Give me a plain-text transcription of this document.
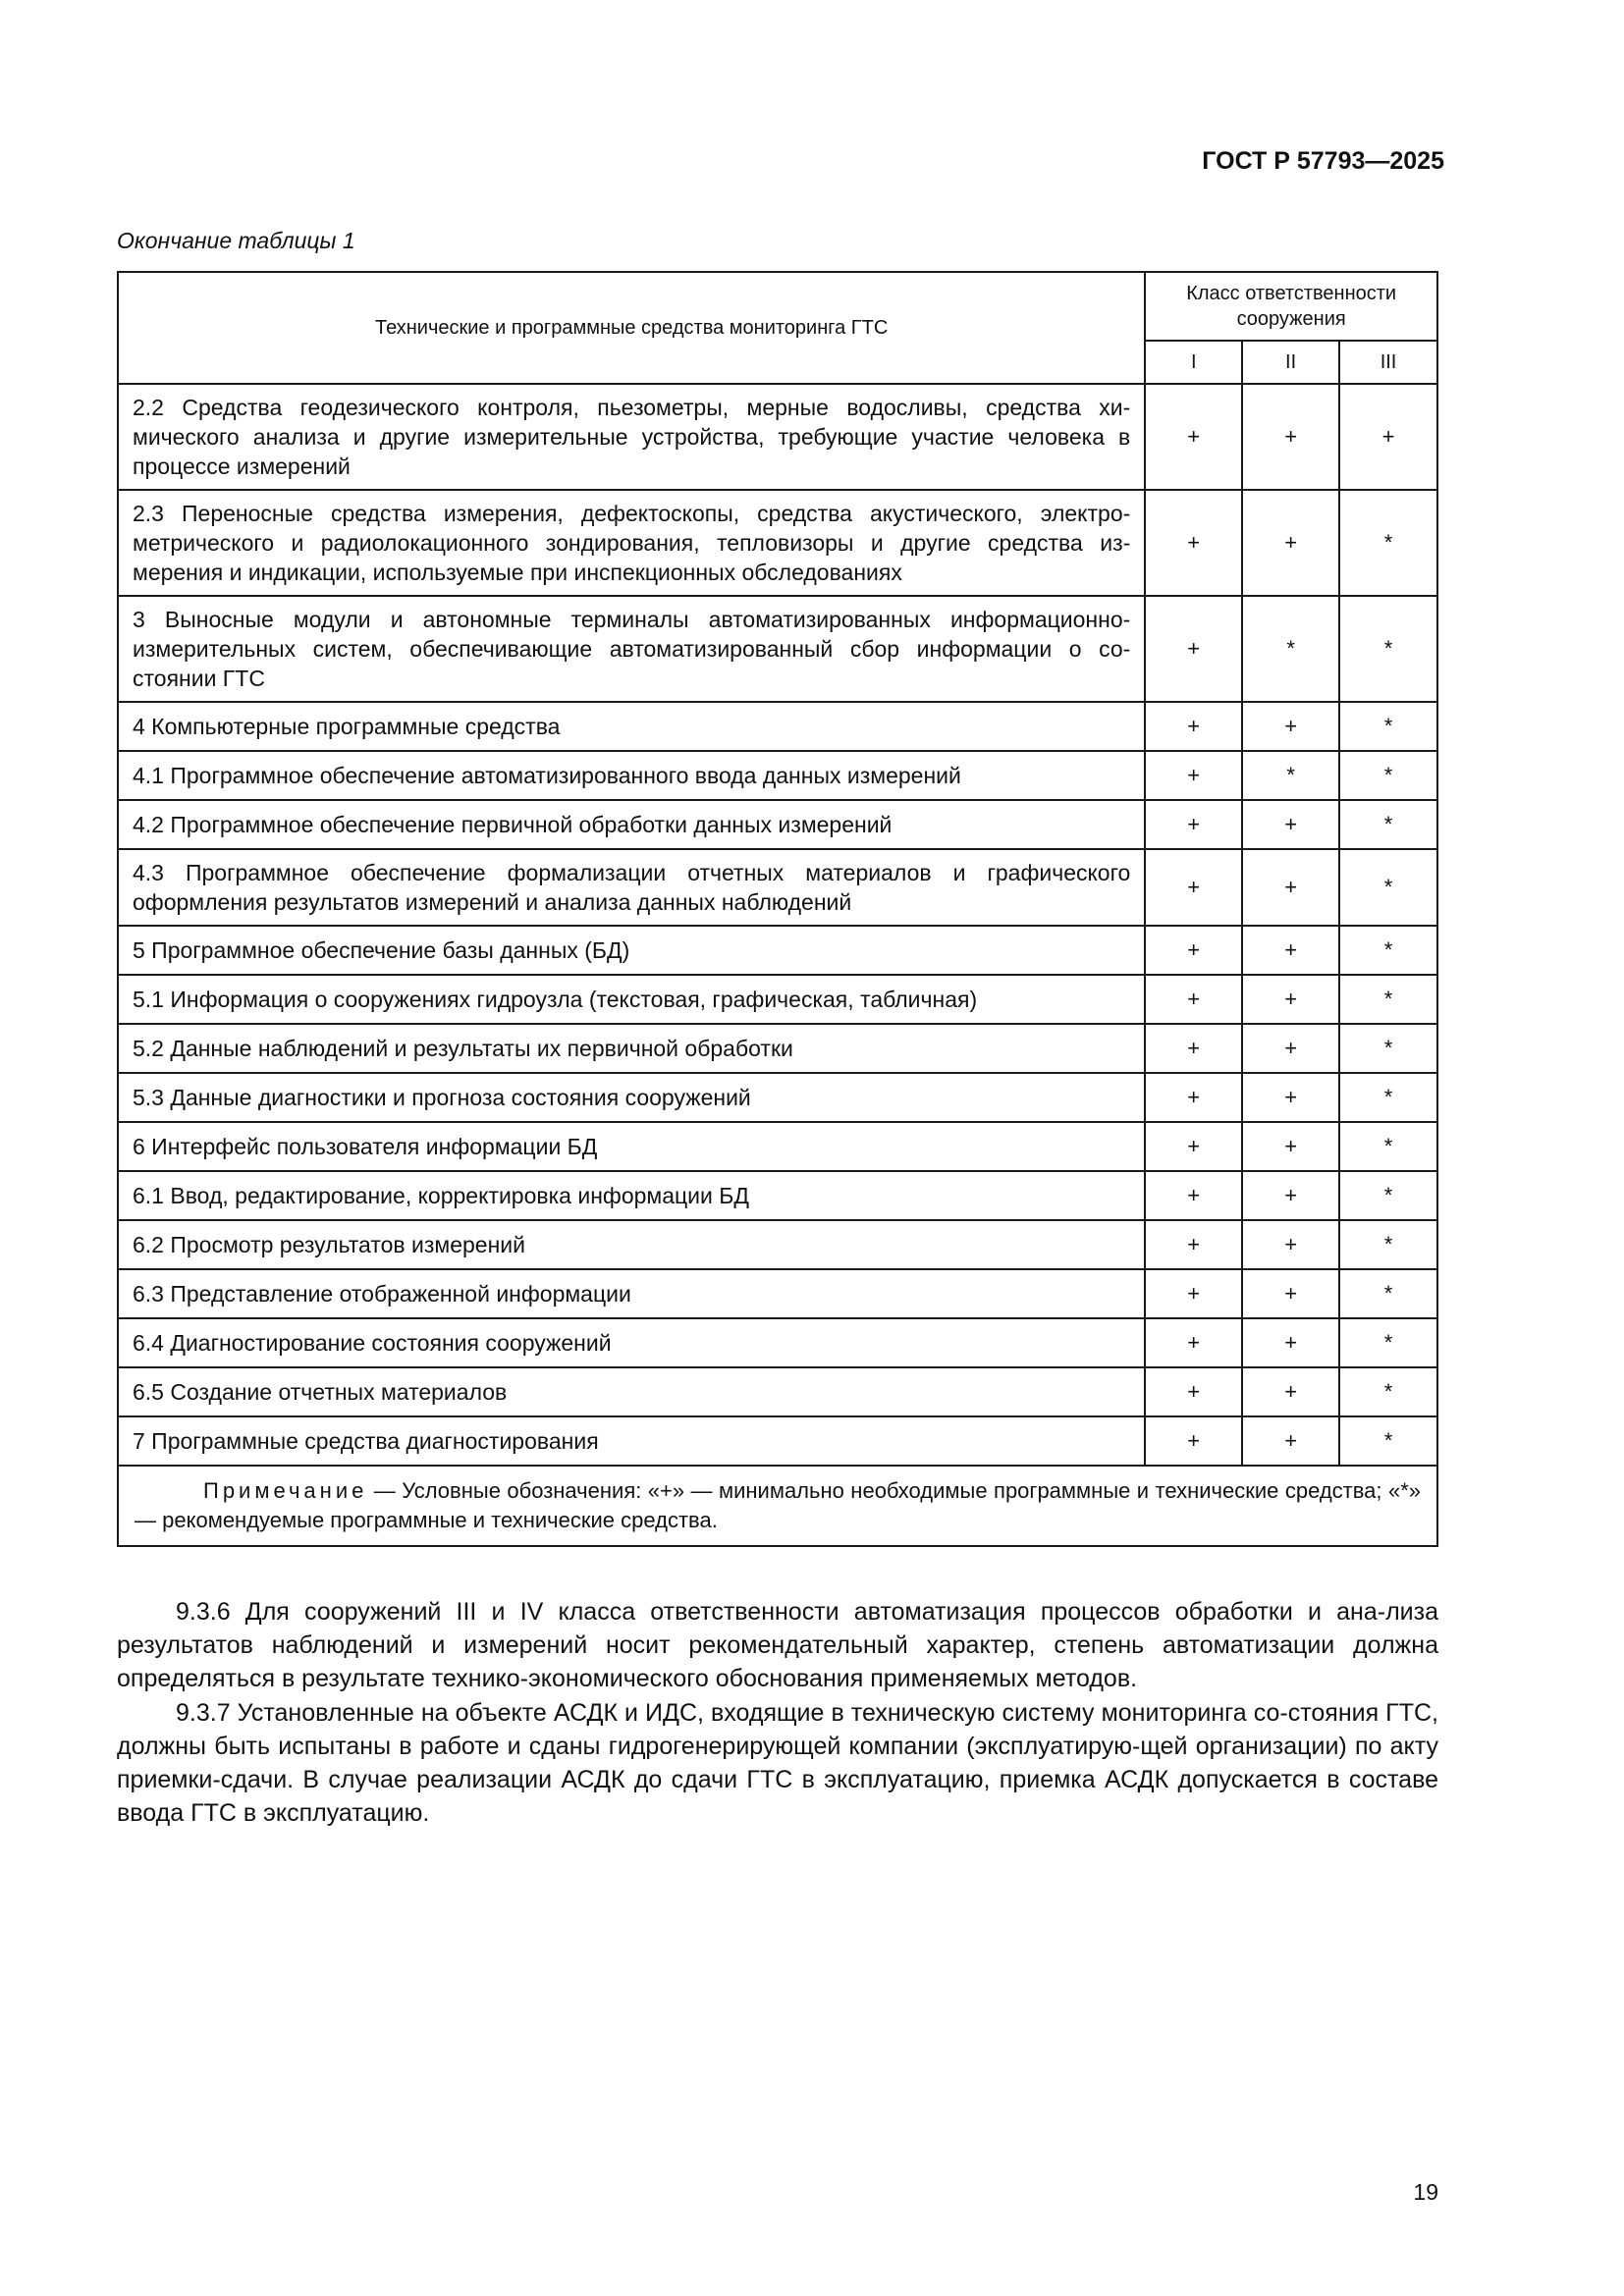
ГОСТ Р 57793—2025
Окончание таблицы 1
Технические и программные средства мониторинга ГТС	Класс ответственности сооружения		
	I	II	III
2.2 Средства геодезического контроля, пьезометры, мерные водосливы, средства хи-мического анализа и другие измерительные устройства, требующие участие человека в процессе измерений	+	+	+
2.3 Переносные средства измерения, дефектоскопы, средства акустического, электро-метрического и радиолокационного зондирования, тепловизоры и другие средства из-мерения и индикации, используемые при инспекционных обследованиях	+	+	*
3 Выносные модули и автономные терминалы автоматизированных информационно-измерительных систем, обеспечивающие автоматизированный сбор информации о со-стоянии ГТС	+	*	*
4 Компьютерные программные средства	+	+	*
4.1 Программное обеспечение автоматизированного ввода данных измерений	+	*	*
4.2 Программное обеспечение первичной обработки данных измерений	+	+	*
4.3 Программное обеспечение формализации отчетных материалов и графического оформления результатов измерений и анализа данных наблюдений	+	+	*
5 Программное обеспечение базы данных (БД)	+	+	*
5.1 Информация о сооружениях гидроузла (текстовая, графическая, табличная)	+	+	*
5.2 Данные наблюдений и результаты их первичной обработки	+	+	*
5.3 Данные диагностики и прогноза состояния сооружений	+	+	*
6 Интерфейс пользователя информации БД	+	+	*
6.1 Ввод, редактирование, корректировка информации БД	+	+	*
6.2 Просмотр результатов измерений	+	+	*
6.3 Представление отображенной информации	+	+	*
6.4 Диагностирование состояния сооружений	+	+	*
6.5 Создание отчетных материалов	+	+	*
7 Программные средства диагностирования	+	+	*
Примечание — Условные обозначения: «+» — минимально необходимые программные и технические средства; «*» — рекомендуемые программные и технические средства.			

9.3.6 Для сооружений III и IV класса ответственности автоматизация процессов обработки и ана-лиза результатов наблюдений и измерений носит рекомендательный характер, степень автоматизации должна определяться в результате технико-экономического обоснования применяемых методов.

9.3.7 Установленные на объекте АСДК и ИДС, входящие в техническую систему мониторинга со-стояния ГТС, должны быть испытаны в работе и сданы гидрогенерирующей компании (эксплуатирую-щей организации) по акту приемки-сдачи. В случае реализации АСДК до сдачи ГТС в эксплуатацию, приемка АСДК допускается в составе ввода ГТС в эксплуатацию.

19
